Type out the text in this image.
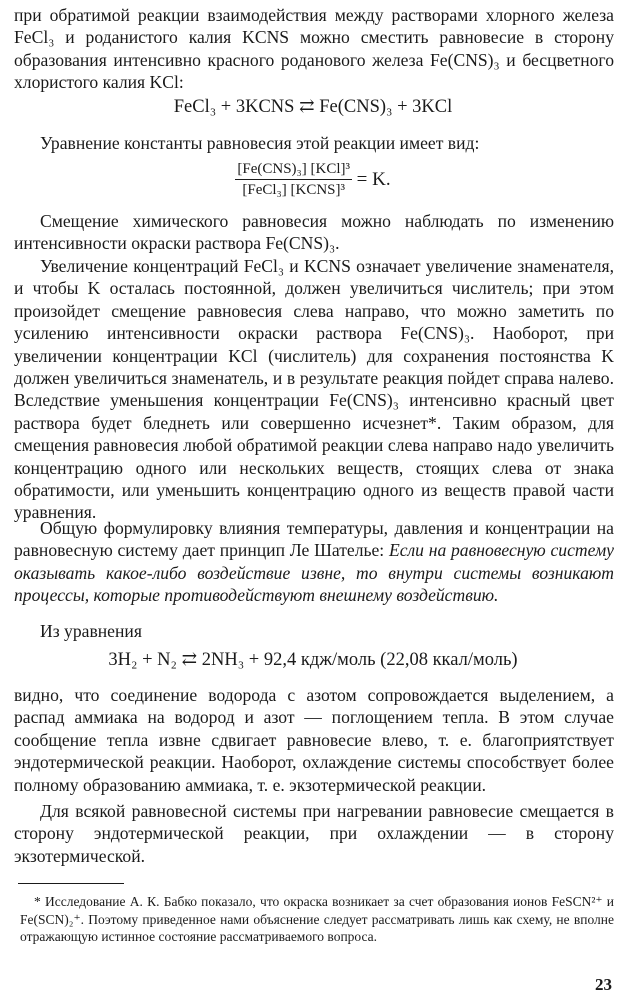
при обратимой реакции взаимодействия между растворами хлорного железа FeCl₃ и роданистого калия KCNS можно сместить равновесие в сторону образования интенсивно красного роданового железа Fe(CNS)₃ и бесцветного хлористого калия KCl:
FeCl₃ + 3KCNS ⇄ Fe(CNS)₃ + 3KCl
Уравнение константы равновесия этой реакции имеет вид:
$\frac{\text{[Fe(CNS)₃] [KCl]³}}{\text{[FeCl₃] [KCNS]³}} = K$.
Смещение химического равновесия можно наблюдать по изменению интенсивности окраски раствора Fe(CNS)₃.
Увеличение концентраций FeCl₃ и KCNS означает увеличение знаменателя, и чтобы K осталась постоянной, должен увеличиться числитель; при этом произойдет смещение равновесия слева направо, что можно заметить по усилению интенсивности окраски раствора Fe(CNS)₃. Наоборот, при увеличении концентрации KCl (числитель) для сохранения постоянства K должен увеличиться знаменатель, и в результате реакция пойдет справа налево. Вследствие уменьшения концентрации Fe(CNS)₃ интенсивно красный цвет раствора будет бледнеть или совершенно исчезнет*. Таким образом, для смещения равновесия любой обратимой реакции слева направо надо увеличить концентрацию одного или нескольких веществ, стоящих слева от знака обратимости, или уменьшить концентрацию одного из веществ правой части уравнения.
Общую формулировку влияния температуры, давления и концентрации на равновесную систему дает принцип Ле Шателье: Если на равновесную систему оказывать какое-либо воздействие извне, то внутри системы возникают процессы, которые противодействуют внешнему воздействию.
Из уравнения
3H₂ + N₂ ⇄ 2NH₃ + 92,4 кдж/моль (22,08 ккал/моль)
видно, что соединение водорода с азотом сопровождается выделением, а распад аммиака на водород и азот — поглощением тепла. В этом случае сообщение тепла извне сдвигает равновесие влево, т. е. благоприятствует эндотермической реакции. Наоборот, охлаждение системы способствует более полному образованию аммиака, т. е. экзотермической реакции.
Для всякой равновесной системы при нагревании равновесие смещается в сторону эндотермической реакции, при охлаждении — в сторону экзотермической.
* Исследование А. К. Бабко показало, что окраска возникает за счет образования ионов FeSCN²⁺ и Fe(SCN)₂⁺. Поэтому приведенное нами объяснение следует рассматривать лишь как схему, не вполне отражающую истинное состояние рассматриваемого вопроса.
23
